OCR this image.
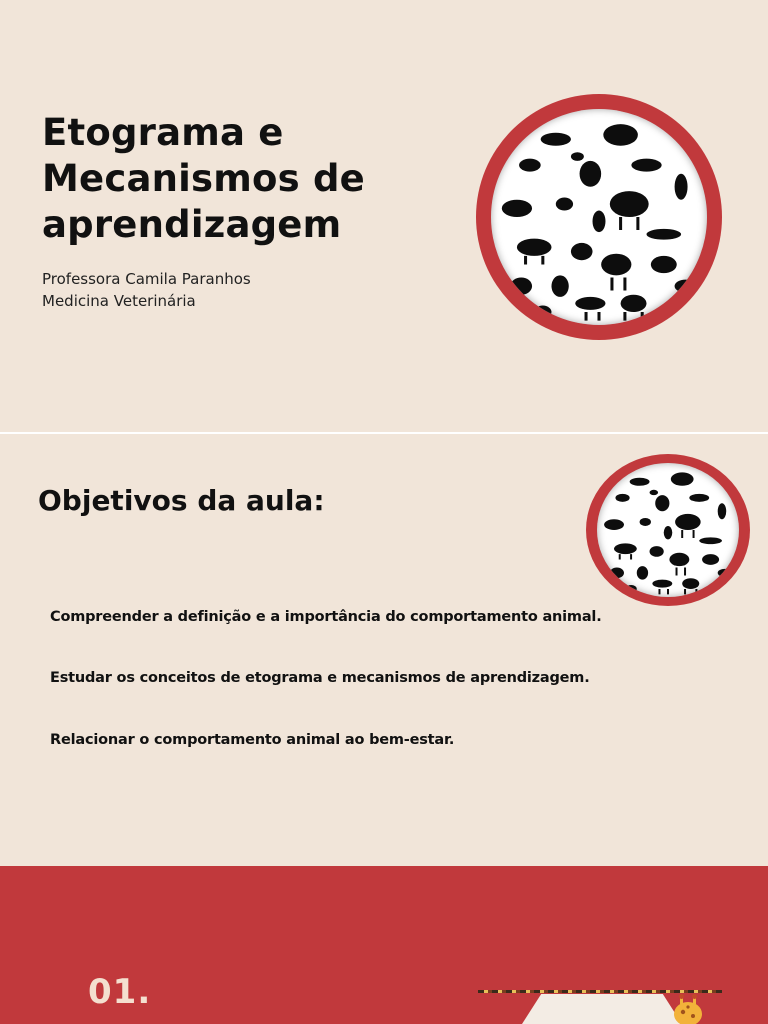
Etograma e
Mecanismos de
aprendizagem
Professora Camila Paranhos
Medicina Veterinária
Objetivos da aula:
Compreender a definição e a importância do comportamento animal.
Estudar os conceitos de etograma e mecanismos de aprendizagem.
Relacionar o comportamento animal ao bem-estar.
01.
